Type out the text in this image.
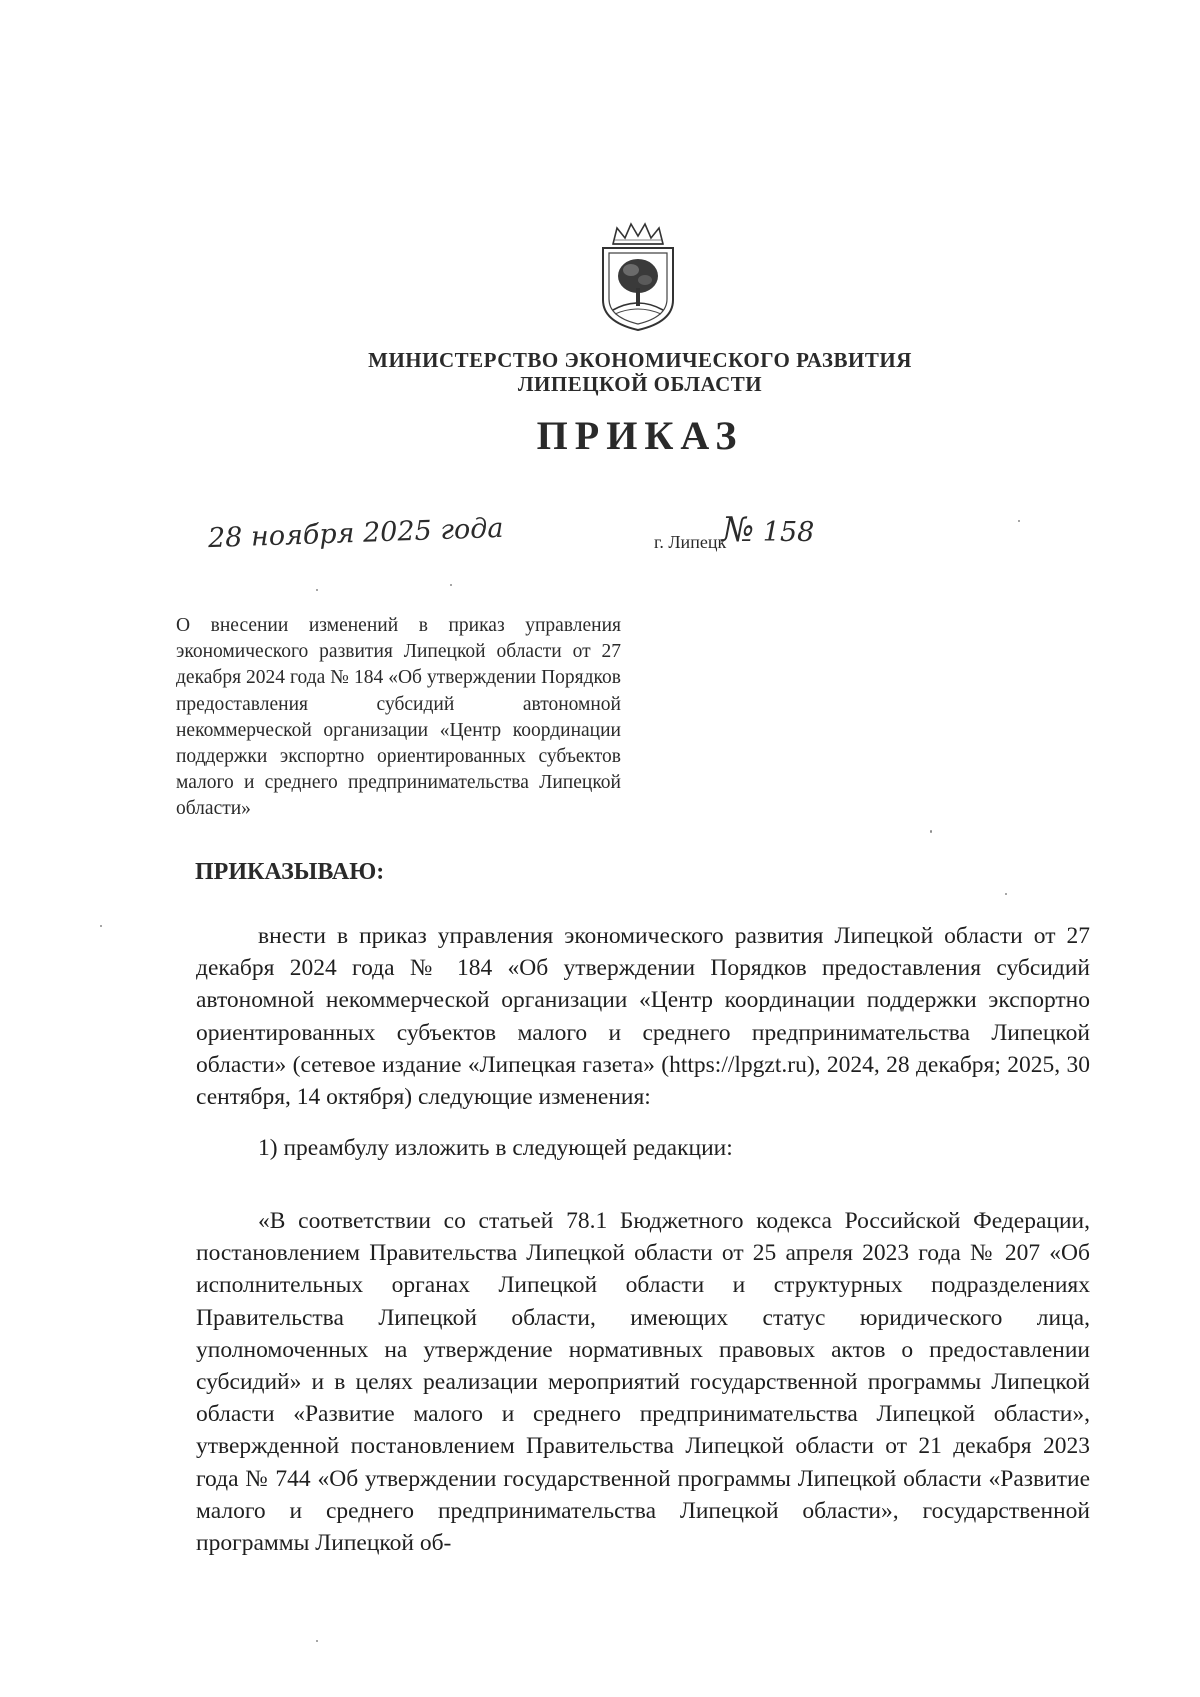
МИНИСТЕРСТВО ЭКОНОМИЧЕСКОГО РАЗВИТИЯ
ЛИПЕЦКОЙ ОБЛАСТИ
ПРИКАЗ
28 ноября 2025 года	г. Липецк
№ 158
О внесении изменений в приказ управления экономического развития Липецкой области от 27 декабря 2024 года № 184 «Об утверждении Порядков предоставления субсидий автономной некоммерческой организации «Центр координации поддержки экспортно ориентированных субъектов малого и среднего предпринимательства Липецкой области»
ПРИКАЗЫВАЮ:
внести в приказ управления экономического развития Липецкой области от 27 декабря 2024 года № 184 «Об утверждении Порядков предоставления субсидий автономной некоммерческой организации «Центр координации поддержки экспортно ориентированных субъектов малого и среднего предпринимательства Липецкой области» (сетевое издание «Липецкая газета» (https://lpgzt.ru), 2024, 28 декабря; 2025, 30 сентября, 14 октября) следующие изменения:
1) преамбулу изложить в следующей редакции:
«В соответствии со статьей 78.1 Бюджетного кодекса Российской Федерации, постановлением Правительства Липецкой области от 25 апреля 2023 года № 207 «Об исполнительных органах Липецкой области и структурных подразделениях Правительства Липецкой области, имеющих статус юридического лица, уполномоченных на утверждение нормативных правовых актов о предоставлении субсидий» и в целях реализации мероприятий государственной программы Липецкой области «Развитие малого и среднего предпринимательства Липецкой области», утвержденной постановлением Правительства Липецкой области от 21 декабря 2023 года № 744 «Об утверждении государственной программы Липецкой области «Развитие малого и среднего предпринимательства Липецкой области», государственной программы Липецкой об-
